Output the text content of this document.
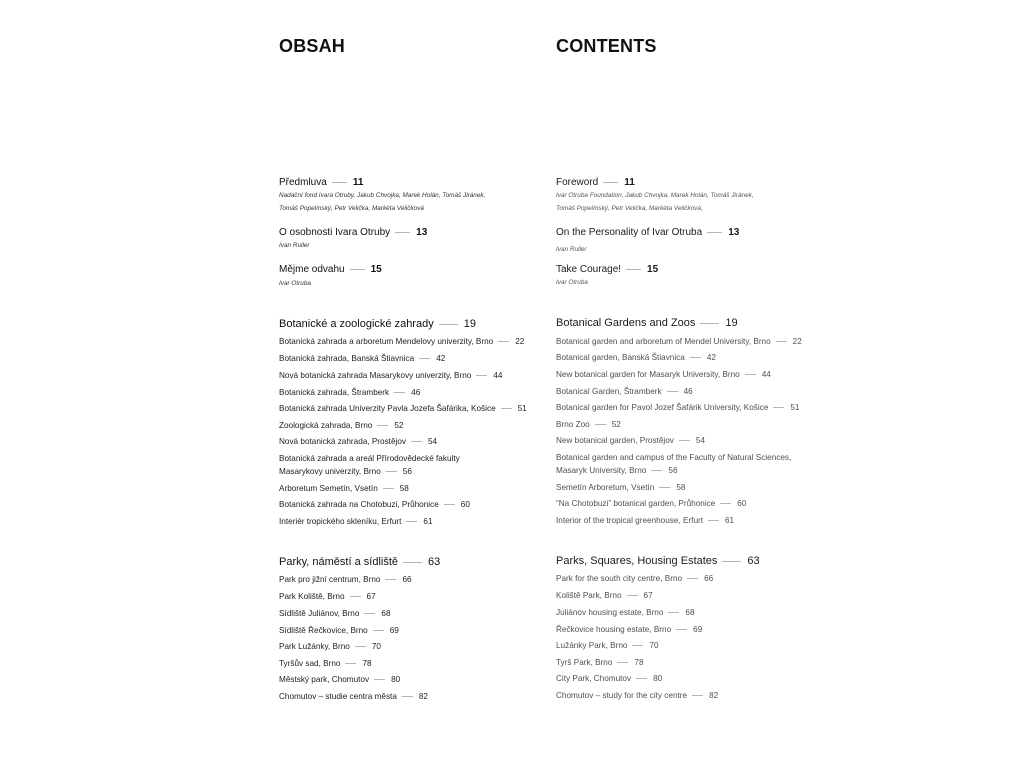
OBSAH
Předmluva	11
Nadační fond Ivara Otruby, Jakub Chvojka, Marek Holán, Tomáš Jiránek,
Tomáš Popelínský, Petr Velička, Markéta Veličková
O osobnosti Ivara Otruby	13
Ivan Ruller
Mějme odvahu	15
Ivar Otruba
Botanické a zoologické zahrady	19
Botanická zahrada a arboretum Mendelovy univerzity, Brno	22
Botanická zahrada, Banská Štiavnica	42
Nová botanická zahrada Masarykovy univerzity, Brno	44
Botanická zahrada, Štramberk	46
Botanická zahrada Univerzity Pavla Jozefa Šafárika, Košice	51
Zoologická zahrada, Brno	52
Nová botanická zahrada, Prostějov	54
Botanická zahrada a areál Přírodovědecké fakulty
Masarykovy univerzity, Brno	56
Arboretum Semetín, Vsetín	58
Botanická zahrada na Chotobuzi, Průhonice	60
Interiér tropického skleníku, Erfurt	61
Parky, náměstí a sídliště	63
Park pro jižní centrum, Brno	66
Park Koliště, Brno	67
Sídliště Juliánov, Brno	68
Sídliště Řečkovice, Brno	69
Park Lužánky, Brno	70
Tyršův sad, Brno	78
Městský park, Chomutov	80
Chomutov – studie centra města	82
CONTENTS
Foreword	11
Ivar Otruba Foundation, Jakub Chvojka, Marek Holán, Tomáš Jiránek,
Tomáš Popelínský, Petr Velička, Markéta Veličková,
On the Personality of Ivar Otruba	13
Ivan Ruller
Take Courage!	15
Ivar Otruba
Botanical Gardens and Zoos	19
Botanical garden and arboretum of Mendel University, Brno	22
Botanical garden, Banská Štiavnica	42
New botanical garden for Masaryk University, Brno	44
Botanical Garden, Štramberk	46
Botanical garden for Pavol Jozef Šafárik University, Košice	51
Brno Zoo	52
New botanical garden, Prostějov	54
Botanical garden and campus of the Faculty of Natural Sciences,
Masaryk University, Brno	56
Semetín Arboretum, Vsetín	58
“Na Chotobuzi” botanical garden, Průhonice	60
Interior of the tropical greenhouse, Erfurt	61
Parks, Squares, Housing Estates	63
Park for the south city centre, Brno	66
Koliště Park, Brno	67
Juliánov housing estate, Brno	68
Řečkovice housing estate, Brno	69
Lužánky Park, Brno	70
Tyrš Park, Brno	78
City Park, Chomutov	80
Chomutov – study for the city centre	82
